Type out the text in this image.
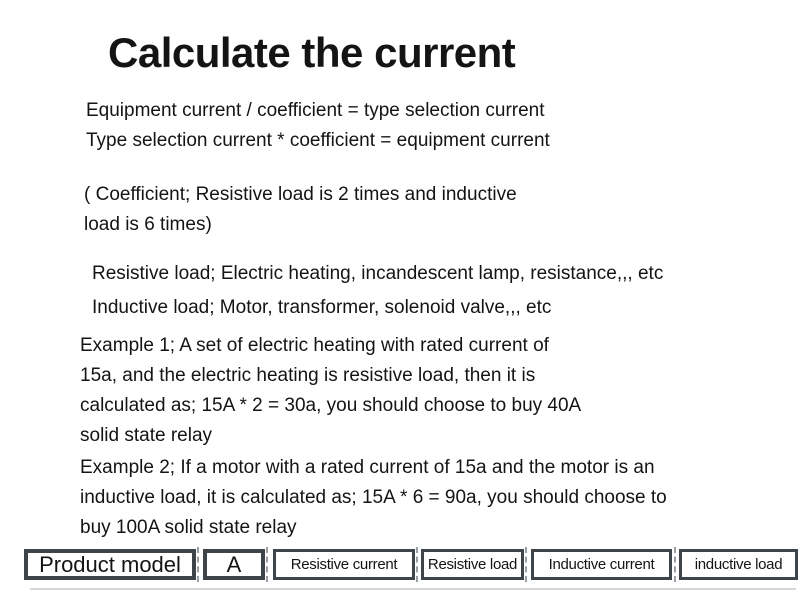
Calculate the current
Equipment current / coefficient = type selection current
Type selection current * coefficient = equipment current
( Coefficient; Resistive load is 2 times and inductive
load is 6 times)
Resistive load; Electric heating, incandescent lamp, resistance,,, etc
Inductive load; Motor, transformer, solenoid valve,,, etc
Example 1; A set of electric heating with rated current of
15a, and the electric heating is resistive load, then it is
calculated as; 15A * 2 = 30a, you should choose to buy 40A
solid state relay
Example 2; If a motor with a rated current of 15a and the motor is an
inductive load, it is calculated as; 15A * 6 = 90a, you should choose to
buy 100A solid state relay
Product model	A	Resistive current	Resistive load	Inductive current	inductive load
